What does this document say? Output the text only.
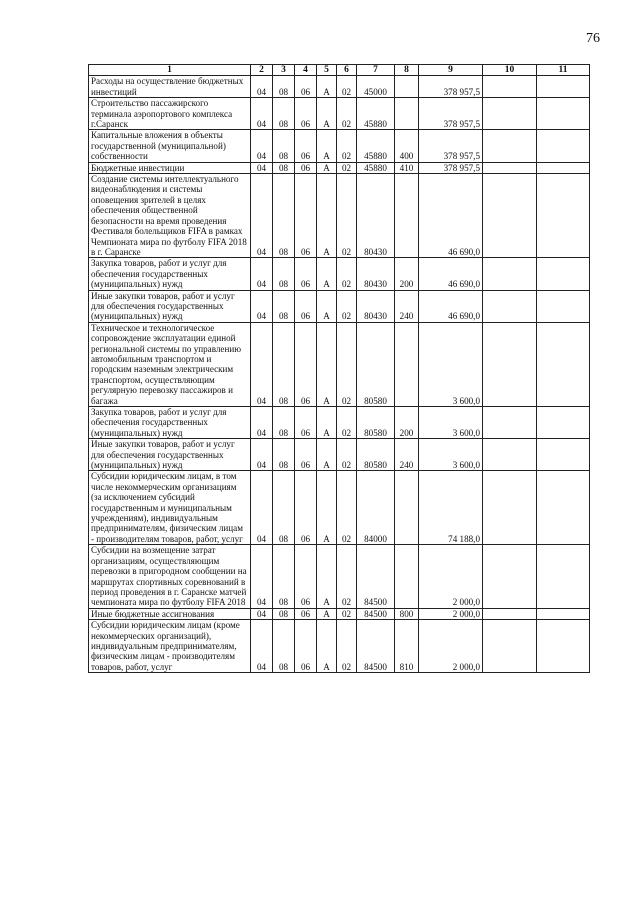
76
1	2	3	4	5	6	7	8	9	10	11
Расходы на осуществление бюджетных инвестиций	04	08	06	А	02	45000		378 957,5		
Строительство пассажирского терминала аэропортового комплекса г.Саранск	04	08	06	А	02	45880		378 957,5		
Капитальные вложения в объекты государственной (муниципальной) собственности	04	08	06	А	02	45880	400	378 957,5		
Бюджетные инвестиции	04	08	06	А	02	45880	410	378 957,5		
Создание системы интеллектуального видеонаблюдения и системы оповещения зрителей в целях обеспечения общественной безопасности на время проведения Фестиваля болельщиков FIFA в рамках Чемпионата мира по футболу FIFA 2018 в г. Саранске	04	08	06	А	02	80430		46 690,0		
Закупка товаров, работ и услуг для обеспечения государственных (муниципальных) нужд	04	08	06	А	02	80430	200	46 690,0		
Иные закупки товаров, работ и услуг для обеспечения государственных (муниципальных) нужд	04	08	06	А	02	80430	240	46 690,0		
Техническое и технологическое сопровождение эксплуатации единой региональной системы по управлению автомобильным транспортом и городским наземным электрическим транспортом, осуществляющим регулярную перевозку пассажиров и багажа	04	08	06	А	02	80580		3 600,0		
Закупка товаров, работ и услуг для обеспечения государственных (муниципальных) нужд	04	08	06	А	02	80580	200	3 600,0		
Иные закупки товаров, работ и услуг для обеспечения государственных (муниципальных) нужд	04	08	06	А	02	80580	240	3 600,0		
Субсидии юридическим лицам, в том числе некоммерческим организациям (за исключением субсидий государственным и муниципальным учреждениям), индивидуальным предпринимателям, физическим лицам - производителям товаров, работ, услуг	04	08	06	А	02	84000		74 188,0		
Субсидии на возмещение затрат организациям, осуществляющим перевозки в пригородном сообщении на маршрутах спортивных соревнований в период проведения в г. Саранске матчей чемпионата мира по футболу FIFA 2018	04	08	06	А	02	84500		2 000,0		
Иные бюджетные ассигнования	04	08	06	А	02	84500	800	2 000,0		
Субсидии юридическим лицам (кроме некоммерческих организаций), индивидуальным предпринимателям, физическим лицам - производителям товаров, работ, услуг	04	08	06	А	02	84500	810	2 000,0		
